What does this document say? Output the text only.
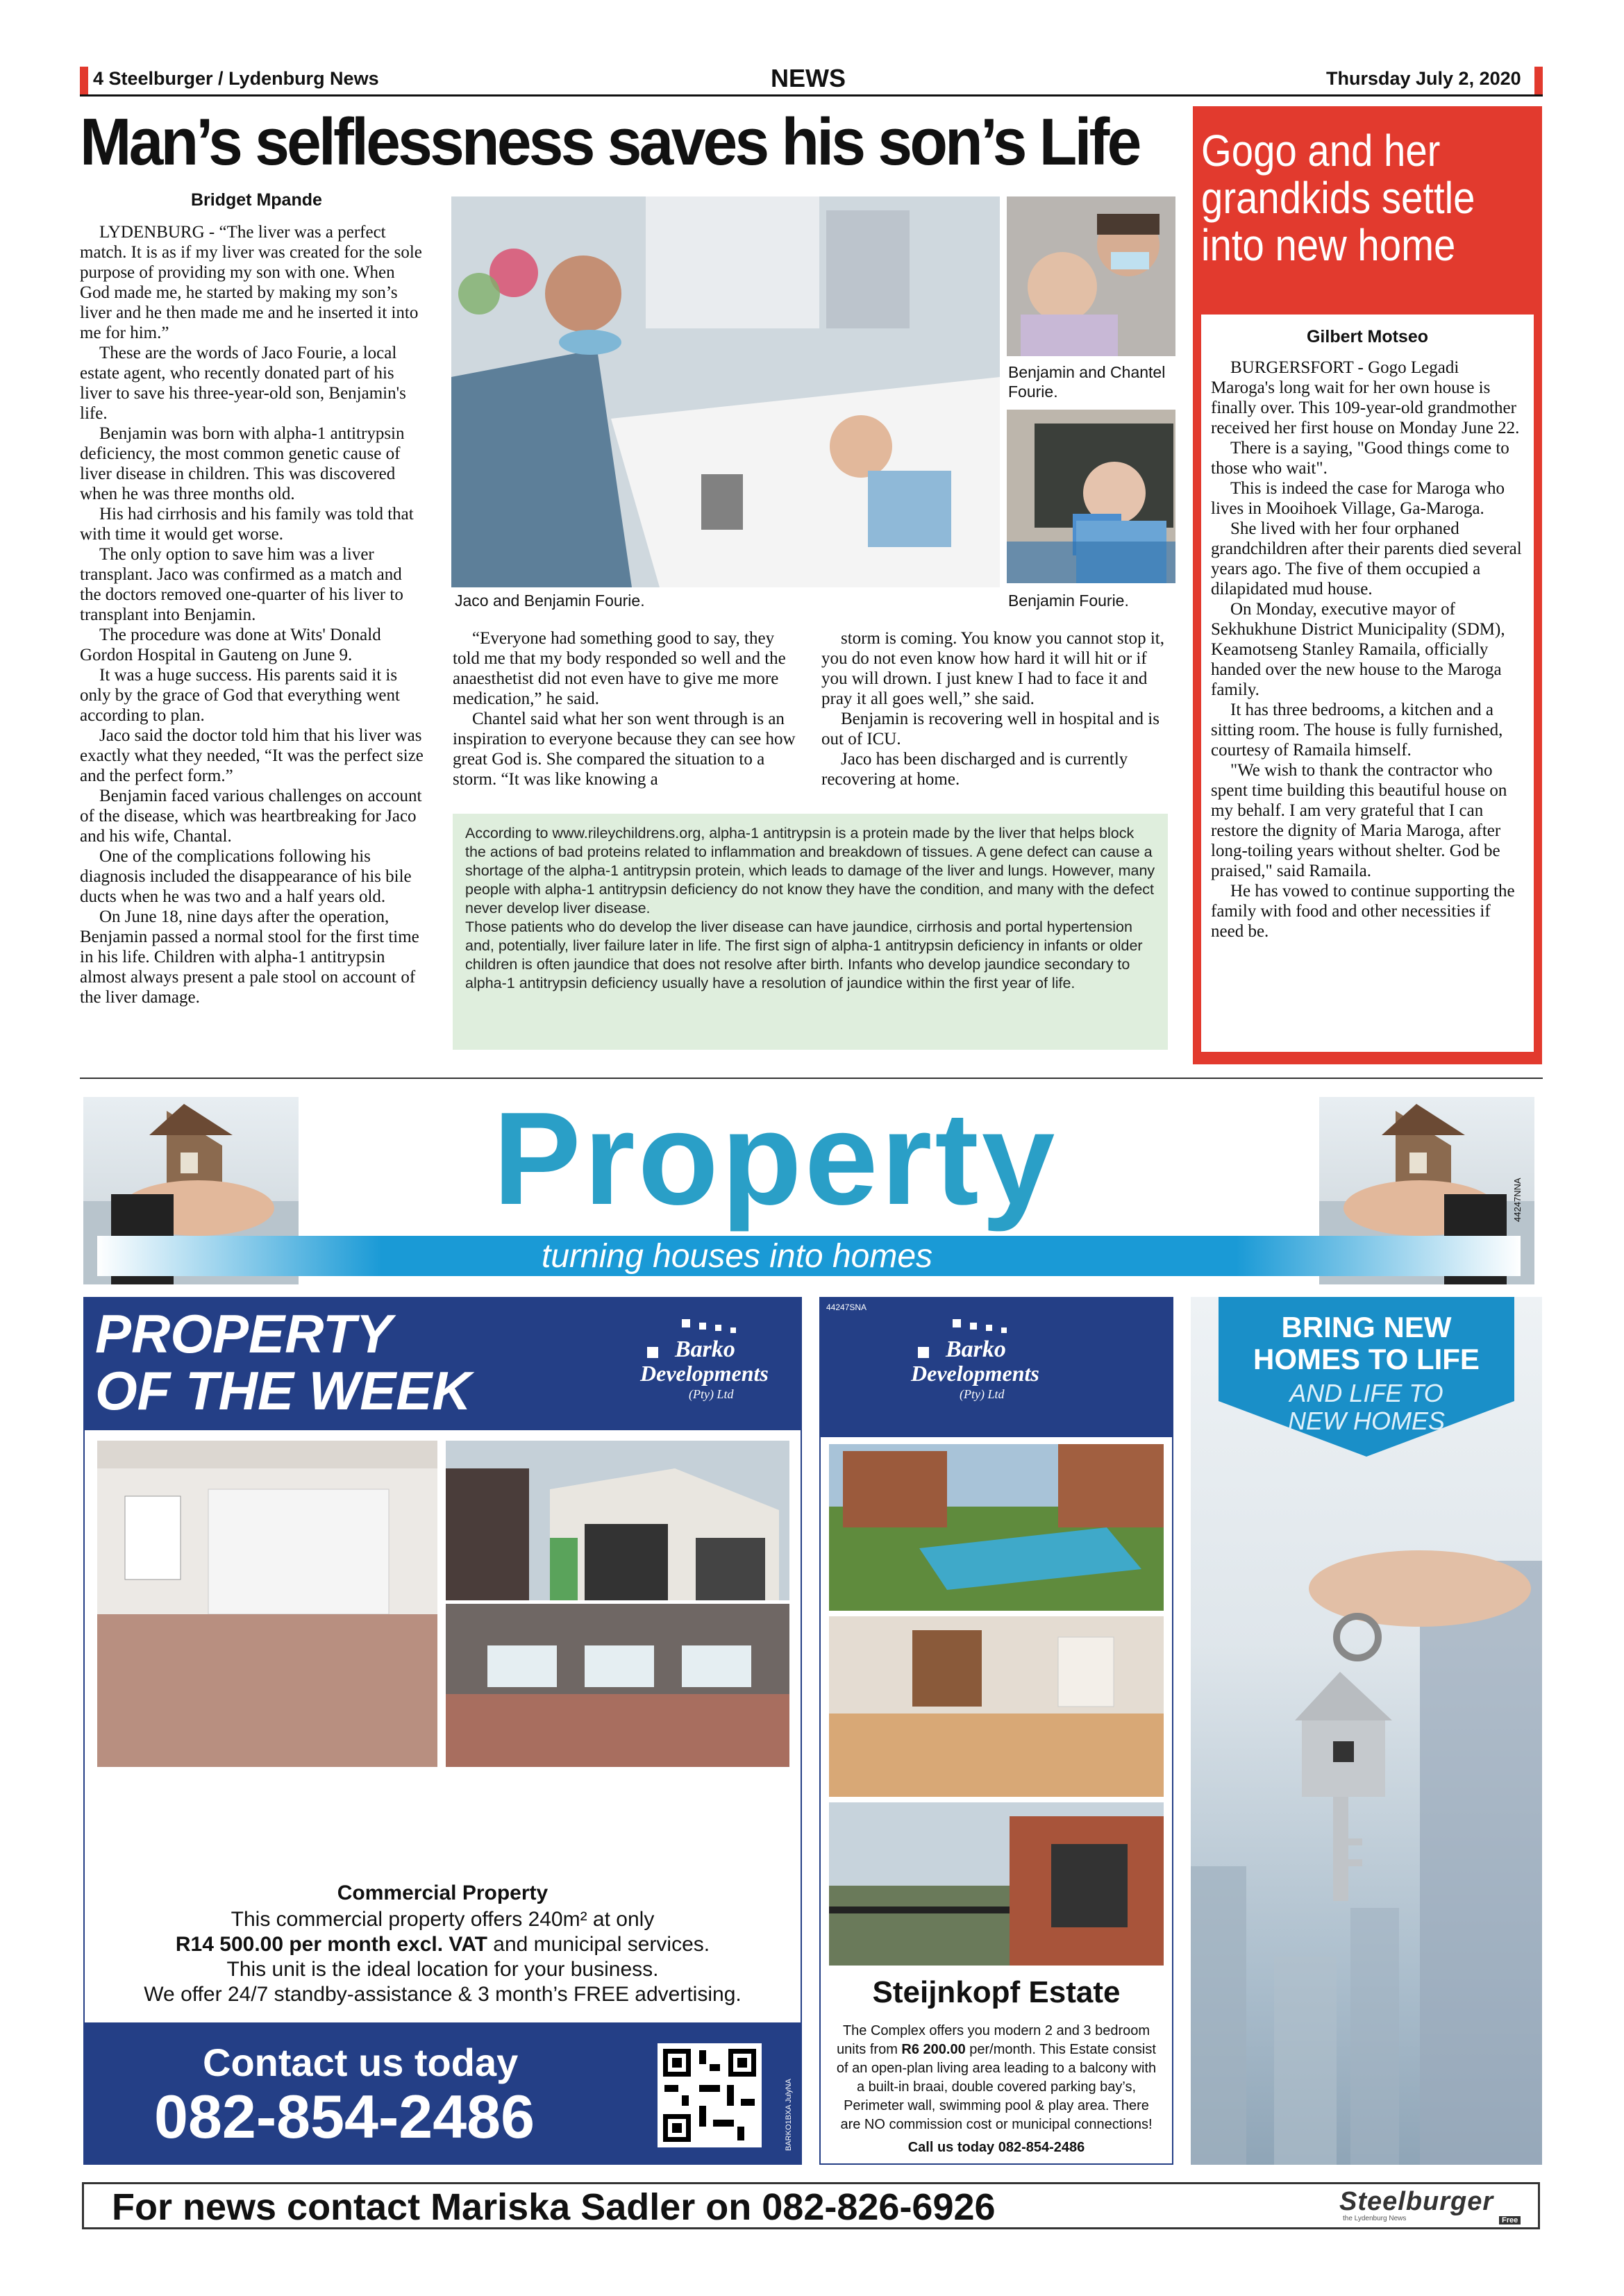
4 Steelburger / Lydenburg News	NEWS	Thursday July 2, 2020
Man’s selflessness saves his son’s Life
Bridget Mpande

LYDENBURG - “The liver was a perfect match. It is as if my liver was created for the sole purpose of providing my son with one. When God made me, he started by making my son’s liver and he then made me and he inserted it into me for him.”

These are the words of Jaco Fourie, a local estate agent, who recently donated part of his liver to save his three-year-old son, Benjamin's life.

Benjamin was born with alpha-1 antitrypsin deficiency, the most common genetic cause of liver disease in children. This was discovered when he was three months old.

His had cirrhosis and his family was told that with time it would get worse.

The only option to save him was a liver transplant. Jaco was confirmed as a match and the doctors removed one-quarter of his liver to transplant into Benjamin.

The procedure was done at Wits' Donald Gordon Hospital in Gauteng on June 9.

It was a huge success. His parents said it is only by the grace of God that everything went according to plan.

Jaco said the doctor told him that his liver was exactly what they needed, “It was the perfect size and the perfect form.”

Benjamin faced various challenges on account of the disease, which was heartbreaking for Jaco and his wife, Chantal.

One of the complications following his diagnosis included the disappearance of his bile ducts when he was two and a half years old.

On June 18, nine days after the operation, Benjamin passed a normal stool for the first time in his life. Children with alpha-1 antitrypsin almost always present a pale stool on account of the liver damage.

Jaco and Benjamin Fourie.
Benjamin and Chantel Fourie.
Benjamin Fourie.

“Everyone had something good to say, they told me that my body responded so well and the anaesthetist did not even have to give me more medication,” he said.

Chantel said what her son went through is an inspiration to everyone because they can see how great God is. She compared the situation to a storm. “It was like knowing a

storm is coming. You know you cannot stop it, you do not even know how hard it will hit or if you will drown. I just knew I had to face it and pray it all goes well,” she said.

Benjamin is recovering well in hospital and is out of ICU.

Jaco has been discharged and is currently recovering at home.

According to www.rileychildrens.org, alpha-1 antitrypsin is a protein made by the liver that helps block the actions of bad proteins related to inflammation and breakdown of tissues. A gene defect can cause a shortage of the alpha-1 antitrypsin protein, which leads to damage of the liver and lungs. However, many people with alpha-1 antitrypsin deficiency do not know they have the condition, and many with the defect never develop liver disease.
Those patients who do develop the liver disease can have jaundice, cirrhosis and portal hypertension and, potentially, liver failure later in life. The first sign of alpha-1 antitrypsin deficiency in infants or older children is often jaundice that does not resolve after birth. Infants who develop jaundice secondary to alpha-1 antitrypsin deficiency usually have a resolution of jaundice within the first year of life.
Gogo and her grandkids settle into new home
Gilbert Motseo

BURGERSFORT - Gogo Legadi Maroga's long wait for her own house is finally over. This 109-year-old grandmother received her first house on Monday June 22.

There is a saying, "Good things come to those who wait".

This is indeed the case for Maroga who lives in Mooihoek Village, Ga-Maroga.

She lived with her four orphaned grandchildren after their parents died several years ago. The five of them occupied a dilapidated mud house.

On Monday, executive mayor of Sekhukhune District Municipality (SDM), Keamotseng Stanley Ramaila, officially handed over the new house to the Maroga family.

It has three bedrooms, a kitchen and a sitting room. The house is fully furnished, courtesy of Ramaila himself.

"We wish to thank the contractor who spent time building this beautiful house on my behalf. I am very grateful that I can restore the dignity of Maria Maroga, after long-toiling years without shelter. God be praised," said Ramaila.

He has vowed to continue supporting the family with food and other necessities if need be.

Property
turning houses into homes
44247NNA
PROPERTY
OF THE WEEK
Barko
Developments
(Pty) Ltd
Commercial Property
This commercial property offers 240m² at only
R14 500.00 per month excl. VAT and municipal services.
This unit is the ideal location for your business.
We offer 24/7 standby-assistance & 3 month’s FREE advertising.
Contact us today
082-854-2486	BARKO1BXA JulyNA
44247SNA
Barko
Developments
(Pty) Ltd
Steijnkopf Estate
The Complex offers you modern 2 and 3 bedroom units from R6 200.00 per/month. This Estate consist of an open-plan living area leading to a balcony with a built-in braai, double covered parking bay’s, Perimeter wall, swimming pool & play area. There are NO commission cost or municipal connections!
Call us today 082-854-2486
BRING NEW
HOMES TO LIFE
AND LIFE TO
NEW HOMES
For news contact Mariska Sadler on 082-826-6926	Steelburger
the Lydenburg News	Free
